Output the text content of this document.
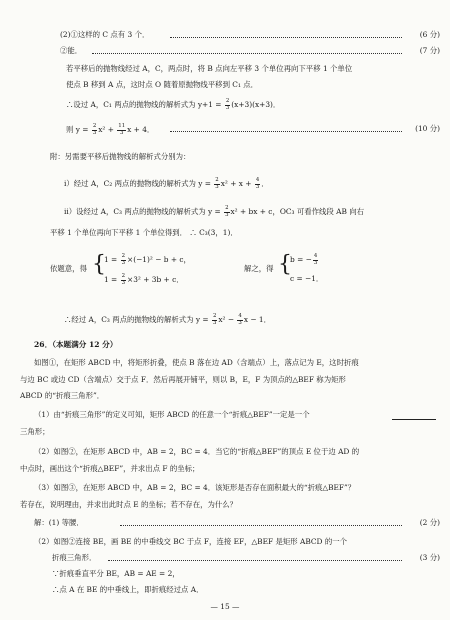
(2)①这样的 C 点有 3 个．	(6 分)
②能．	(7 分)
若平移后的抛物线经过 A，C，两点时，将 B 点向左平移 3 个单位再向下平移 1 个单位
使点 B 移到 A 点，这时点 O 随着原抛物线平移到 C₁ 点．
∴设过 A，C₁ 两点的抛物线的解析式为 $y+1 = \frac{2}{3} (x+3)(x+3)$．
则 $y = \frac{2}{3} x^2 + \frac{11}{3}$ x + 4．	(10 分)
附：另需要平移后抛物线的解析式分别为：
i）经过 A，C₂ 两点的抛物线的解析式为 $y = \frac{2}{3} x^2 + x + \frac{4}{3}$ ．
ii）设经过 A，C₃ 两点的抛物线的解析式为 $y = \frac{2}{3} x^2$ + bx + c，OC₃ 可看作线段 AB 向右
平移 1 个单位再向下平移 1 个单位得到． ∴ C₃(3，1)．
依题意，得 {
$1 = \frac{2}{3} \times(-1)^2 - b + c$，
$1 = \frac{2}{3} \times 3^2 + 3b + c$．
解之，得 {
b = − $\frac{4}{3}$
c = −1．
∴经过 A，C₃ 两点的抛物线的解析式为 $y = \frac{2}{3} x^2 - \frac{4}{3}$ x − 1．
26．（本题满分 12 分）
如图①，在矩形 ABCD 中，将矩形折叠，使点 B 落在边 AD（含端点）上，落点记为 E，这时折痕
与边 BC 或边 CD（含端点）交于点 F．然后再展开铺平，则以 B，E，F 为顶点的△BEF 称为矩形
ABCD 的“折痕三角形”．
（1）由“折痕三角形”的定义可知，矩形 ABCD 的任意一个“折痕△BEF”一定是一个
三角形；
（2）如图②，在矩形 ABCD 中，AB = 2，BC = 4．当它的“折痕△BEF”的顶点 E 位于边 AD 的
中点时，画出这个“折痕△BEF”，并求出点 F 的坐标；
（3）如图③，在矩形 ABCD 中，AB = 2，BC = 4．该矩形是否存在面积最大的“折痕△BEF”？
若存在，说明理由，并求出此时点 E 的坐标；若不存在，为什么？
解：(1) 等腰．	(2 分)
（2）如图②连接 BE，画 BE 的中垂线交 BC 于点 F，连接 EF，△BEF 是矩形 ABCD 的一个
折痕三角形．	(3 分)
∵折痕垂直平分 BE，AB = AE = 2，
∴点 A 在 BE 的中垂线上，即折痕经过点 A．
— 15 —
